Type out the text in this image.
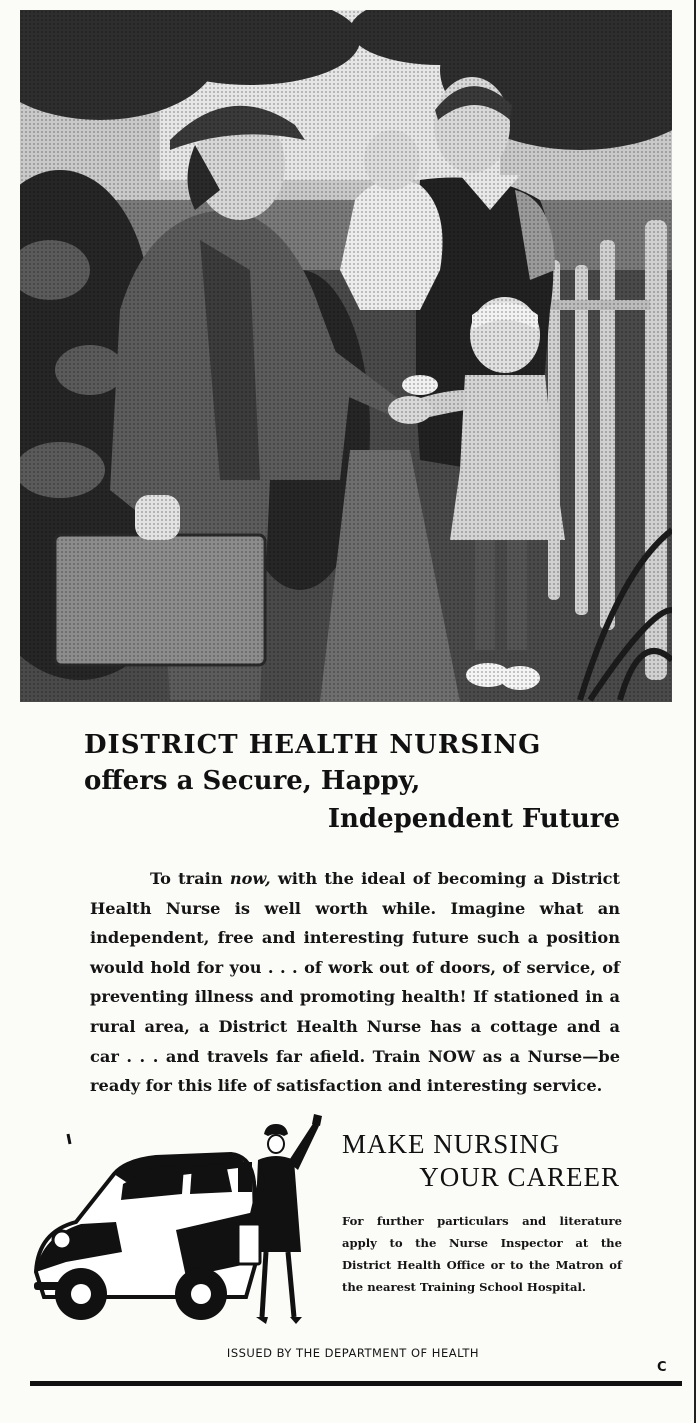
DISTRICT HEALTH NURSING
offers a Secure, Happy,
Independent Future

To train now, with the ideal of becoming a District Health Nurse is well worth while. Imagine what an independent, free and interesting future such a position would hold for you . . . of work out of doors, of service, of preventing illness and promoting health! If stationed in a rural area, a District Health Nurse has a cottage and a car . . . and travels far afield. Train NOW as a Nurse—be ready for this life of satisfaction and interesting service.

MAKE NURSING
YOUR CAREER
For further particulars and literature apply to the Nurse Inspector at the District Health Office or to the Matron of the nearest Training School Hospital.
ISSUED BY THE DEPARTMENT OF HEALTH
C
